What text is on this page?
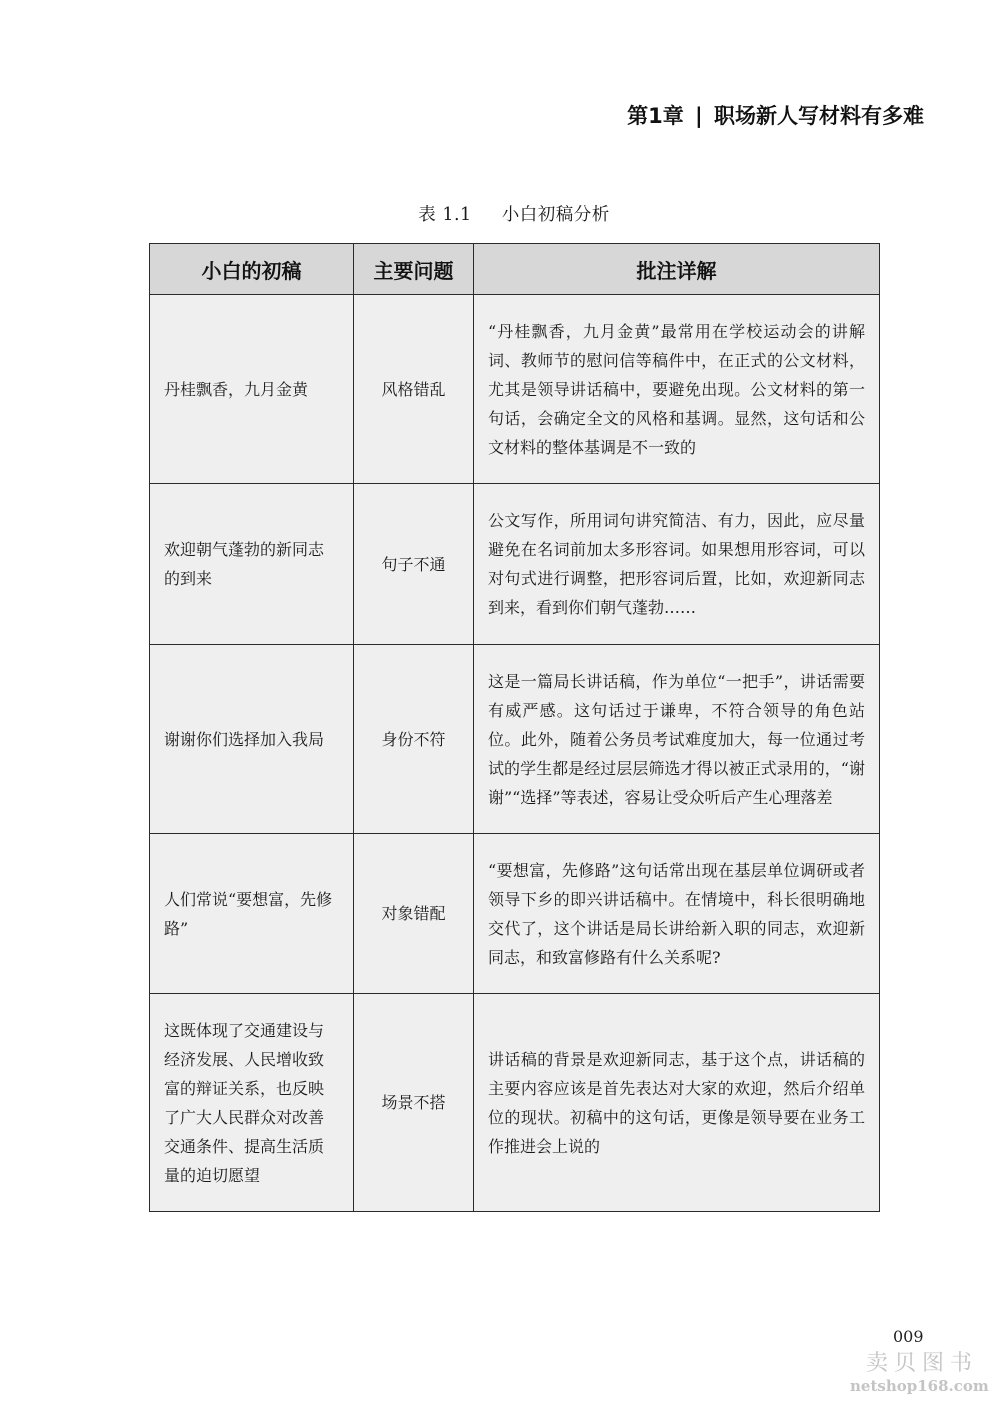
第1章 | 职场新人写材料有多难
表 1.1 小白初稿分析
小白的初稿	主要问题	批注详解
丹桂飘香，九月金黄	风格错乱	“丹桂飘香，九月金黄”最常用在学校运动会的讲解词、教师节的慰问信等稿件中，在正式的公文材料，尤其是领导讲话稿中，要避免出现。公文材料的第一句话，会确定全文的风格和基调。显然，这句话和公文材料的整体基调是不一致的
欢迎朝气蓬勃的新同志的到来	句子不通	公文写作，所用词句讲究简洁、有力，因此，应尽量避免在名词前加太多形容词。如果想用形容词，可以对句式进行调整，把形容词后置，比如，欢迎新同志到来，看到你们朝气蓬勃……
谢谢你们选择加入我局	身份不符	这是一篇局长讲话稿，作为单位“一把手”，讲话需要有威严感。这句话过于谦卑，不符合领导的角色站位。此外，随着公务员考试难度加大，每一位通过考试的学生都是经过层层筛选才得以被正式录用的，“谢谢”“选择”等表述，容易让受众听后产生心理落差
人们常说“要想富，先修路”	对象错配	“要想富，先修路”这句话常出现在基层单位调研或者领导下乡的即兴讲话稿中。在情境中，科长很明确地交代了，这个讲话是局长讲给新入职的同志，欢迎新同志，和致富修路有什么关系呢?
这既体现了交通建设与经济发展、人民增收致富的辩证关系，也反映了广大人民群众对改善交通条件、提高生活质量的迫切愿望	场景不搭	讲话稿的背景是欢迎新同志，基于这个点，讲话稿的主要内容应该是首先表达对大家的欢迎，然后介绍单位的现状。初稿中的这句话，更像是领导要在业务工作推进会上说的
009
卖贝图书
netshop168.com
